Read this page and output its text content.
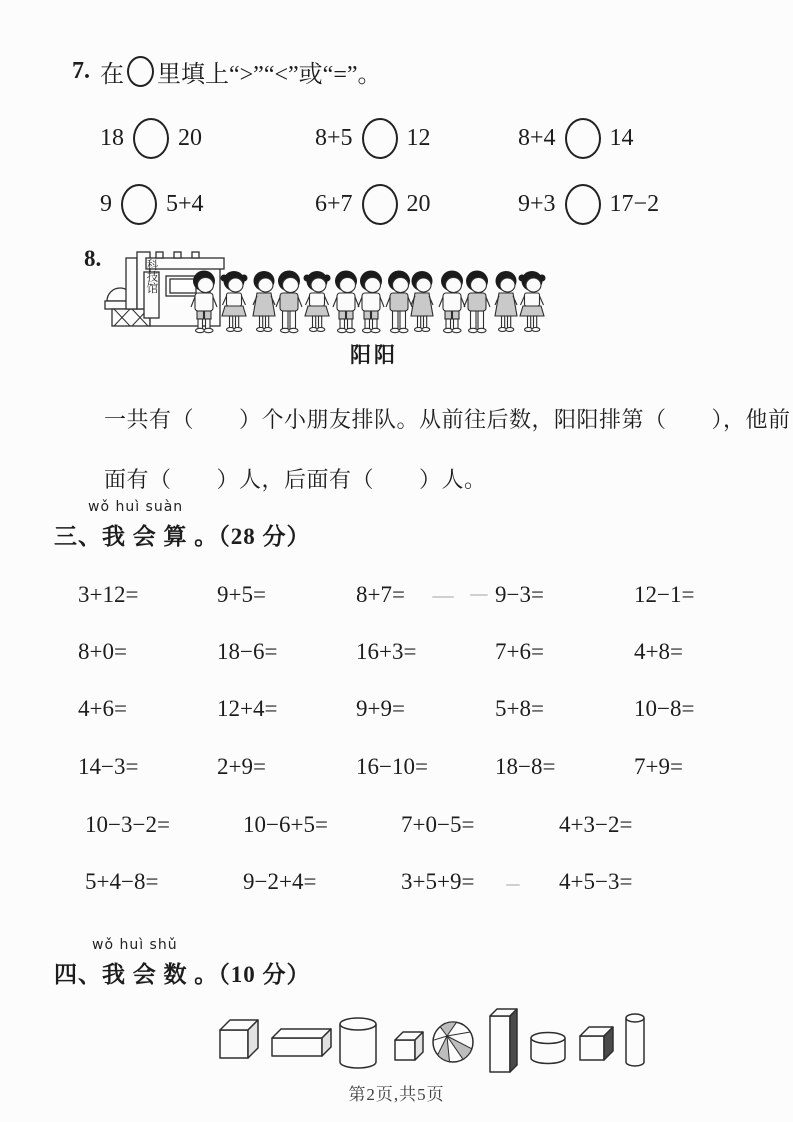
7. 在 里填上“>”“<”或“=”。
18 20	8+5 12	8+4 14
9 5+4	6+7 20	9+3 17−2
8.
科技馆
阳阳

一共有（　　）个小朋友排队。从前往后数，阳阳排第（　　），他前

面有（　　）人，后面有（　　）人。

wǒ huì suàn
三、我 会 算 。（28 分）
3+12=	9+5=	8+7=	9−3=	12−1=
8+0=	18−6=	16+3=	7+6=	4+8=
4+6=	12+4=	9+9=	5+8=	10−8=
14−3=	2+9=	16−10=	18−8=	7+9=
10−3−2=	10−6+5=	7+0−5=	4+3−2=
5+4−8=	9−2+4=	3+5+9=	4+5−3=
wǒ huì shǔ
四、我 会 数 。（10 分）
第2页,共5页
